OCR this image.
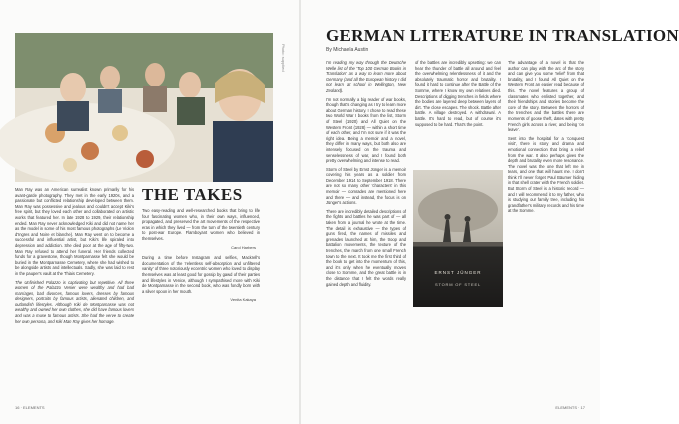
Photo: supplied

Man Ray was an American surrealist known primarily for his avant-garde photography. They met in the early 1920s, and a passionate but conflicted relationship developed between them. Man Ray was possessive and jealous and couldn't accept Kiki's free spirit, but they loved each other and collaborated on artistic works that featured her. In late 1928 to 1929, their relationship ended. Man Ray never acknowledged Kiki and did not name her as the model in some of his most famous photographs (Le Violon d'Ingres and Noire et blanche). Man Ray went on to become a successful and influential artist, but Kiki's life spiraled into depression and addiction. She died poor at the age of fifty-two. Man Ray refused to attend her funeral. Her friends collected funds for a gravestone, though Montparnasse felt she would be buried in the Montparnasse Cemetery, where she had wished to be alongside artists and intellectuals. Sadly, she was laid to rest in the pauper's vault at the Thiais Cemetery.

The Unfinished Palazzo is captivating but repetitive. All three women of the Palazzo Venier were wealthy and had bad marriages, bad divorces, famous lovers, dresses by famous designers, portraits by famous artists, alienated children, and outlandish lifestyles. Although Kiki de Montparnasse was not wealthy and owned her own clothes, she did have famous lovers and was a muse to famous artists. She had the verve to create her own persona, and Kiki Man Ray gives her homage.

THE TAKES

Two easy-reading and well-researched books that bring to life four fascinating women who, in their own ways, influenced, propagated, and preserved the art movements of the respective eras in which they lived — from the turn of the twentieth century to post-war Europe. Flamboyant women who believed in themselves.

Carol Harbers

During a time before Instagram and selfies, Mackrell's documentation of the 'relentless self-absorption and unfiltered vanity' of three notoriously eccentric women who loved to display themselves was at least good for gossip by gawd of their parties and lifestyles in Venice, although I sympathised more with Kiki de Montparnasse in the second book, who was fondly born with a silver spoon in her mouth.

Venita Kakaya
16 · ELEMENTS
GERMAN LITERATURE IN TRANSLATION
By Michaela Austin

I'm reading my way through the Deutsche Welle list of the 'Top 100 German Books in Translation' as a way to learn more about Germany (and all the European history I did not learn at school in Wellington, New Zealand).

I'm not normally a big reader of war books, though that's changing as I try to learn more about German history. I chose to read these two World War I books from the list, Storm of Steel (1920) and All Quiet on the Western Front (1928) — within a short time of each other, and I'm not sure if it was the right idea. Being a memoir and a novel, they differ in many ways, but both also are intensely focused on the trauma and senselessness of war, and I found both pretty overwhelming and intense to read.

Storm of Steel by Ernst Jünger is a memoir covering his years as a soldier from December 1914 to September 1918. There are not so many other 'characters' in this memoir — comrades are mentioned here and there — and instead, the focus is on Jünger's actions.

There are incredibly detailed descriptions of the fights and battles he was part of — all taken from a journal he wrote at the time. The detail is exhaustive — the types of guns fired, the names of missiles and grenades launched at him, the troop and battalion movements, the texture of the trenches, the march from one small French town to the next. It took me the first third of the book to get into the momentum of this, and it's only when he eventually moves close to Somme, and the great battle is in the distance that I felt the words really gained depth and fluidity.

of the battles are incredibly upsetting: we can hear the thunder of battle all around and feel the overwhelming relentlessness of it and the absolutely traumatic horror and brutality. I found it hard to continue after the Battle of the Somme, where I know my own relatives died. Descriptions of digging trenches in fields where the bodies are layered deep between layers of dirt. The close escapes. The shock. Battle after battle. A village destroyed. A withdrawal. A battle. It's hard to read, but of course it's supposed to be hard. That's the point.

ERNST JÜNGER
STORM OF STEEL

The advantage of a novel is that the author can play with the arc of the story and can give you some 'relief' from that brutality, and I found All Quiet on the Western Front an easier read because of this. The novel features a group of classmates who enlisted together, and their friendships and stories become the core of the story. Between the horrors of the trenches and the battles there are moments of goose theft, dates with pretty French girls across a river, and being 'on leave'.

Sent into the hospital for a 'conquest visit', there is story and drama and emotional connection that bring a relief from the war. It also perhaps gives the depth and brutality even more resonance. The novel was the one that left me in tears, and one that will haunt me. I don't think I'll never forget Paul Bäumer hiding in that shell crater with the French soldier. But Storm of Steel is a historic record — and I will recommend it to my father, who is studying our family tree, including his grandfather's military records and his time at the Somme.

ELEMENTS · 17
